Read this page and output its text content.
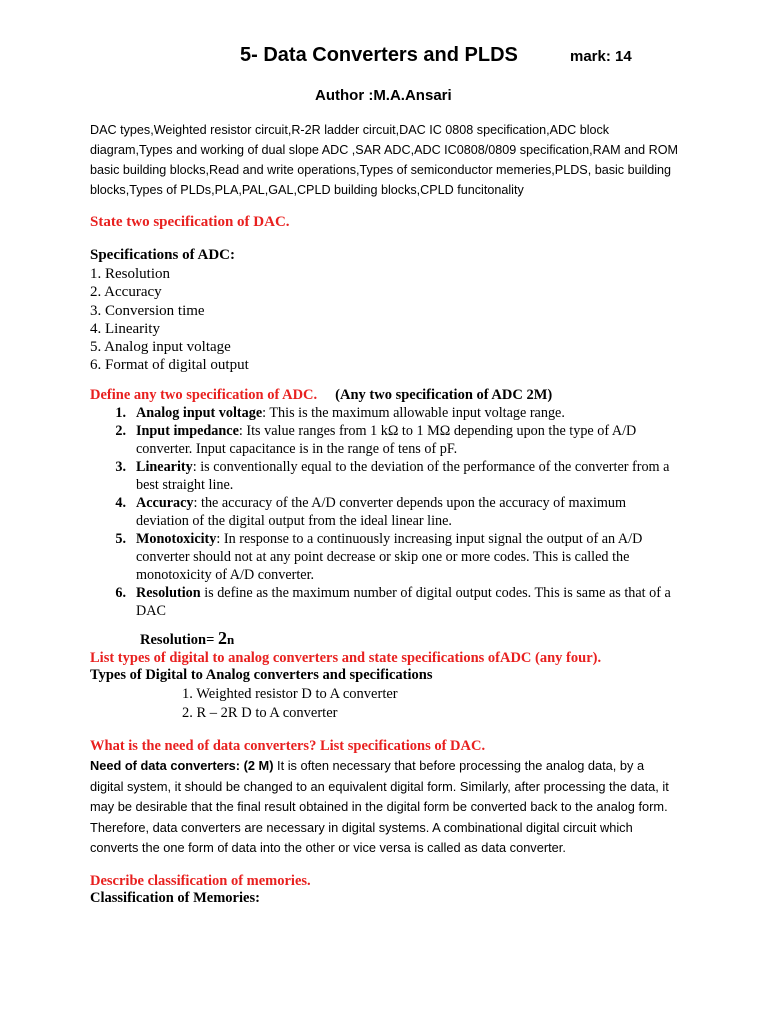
5- Data Converters and PLDS	mark: 14
Author :M.A.Ansari
DAC types,Weighted resistor circuit,R-2R ladder circuit,DAC IC 0808 specification,ADC block diagram,Types and working of dual slope ADC ,SAR ADC,ADC IC0808/0809 specification,RAM and ROM basic building blocks,Read and write operations,Types of semiconductor memeries,PLDS, basic building blocks,Types of PLDs,PLA,PAL,GAL,CPLD building blocks,CPLD funcitonality
State two specification of DAC.
Specifications of ADC:
1. Resolution
2. Accuracy
3. Conversion time
4. Linearity
5. Analog input voltage
6. Format of digital output
Define any two specification of ADC. (Any two specification of ADC 2M)
1. Analog input voltage: This is the maximum allowable input voltage range.
2. Input impedance: Its value ranges from 1 kΩ to 1 MΩ depending upon the type of A/D converter. Input capacitance is in the range of tens of pF.
3. Linearity: is conventionally equal to the deviation of the performance of the converter from a best straight line.
4. Accuracy: the accuracy of the A/D converter depends upon the accuracy of maximum deviation of the digital output from the ideal linear line.
5. Monotoxicity: In response to a continuously increasing input signal the output of an A/D converter should not at any point decrease or skip one or more codes. This is called the monotoxicity of A/D converter.
6. Resolution is define as the maximum number of digital output codes. This is same as that of a DAC
Resolution= 2n
List types of digital to analog converters and state specifications ofADC (any four).
Types of Digital to Analog converters and specifications
1. Weighted resistor D to A converter
2. R – 2R D to A converter
What is the need of data converters? List specifications of DAC.
Need of data converters: (2 M) It is often necessary that before processing the analog data, by a digital system, it should be changed to an equivalent digital form. Similarly, after processing the data, it may be desirable that the final result obtained in the digital form be converted back to the analog form. Therefore, data converters are necessary in digital systems. A combinational digital circuit which converts the one form of data into the other or vice versa is called as data converter.
Describe classification of memories.
Classification of Memories:
